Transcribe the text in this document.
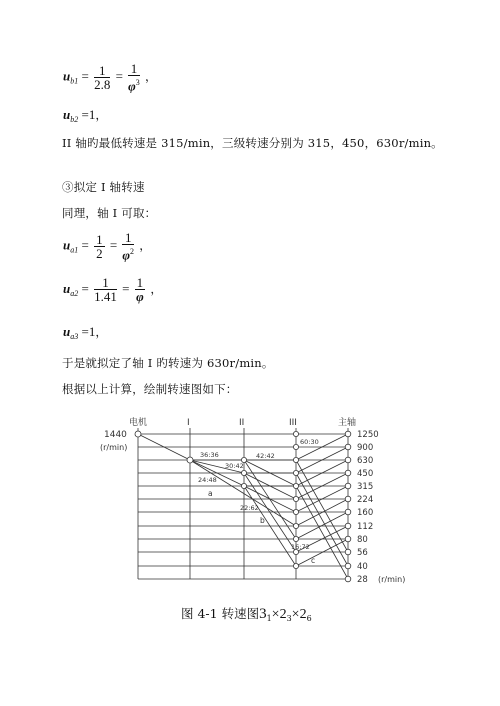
$u_{b1} = \frac{1}{2.8} = \frac{1}{\varphi^3}$ ，
$u_{b2} =1$，
II 轴旳最低转速是 315/min，三级转速分别为 315，450，630r/min。
③拟定 I 轴转速
同理，轴 I 可取：
$u_{a1} = \frac{1}{2} = \frac{1}{\varphi^2}$ ，
$u_{a2} = \frac{1}{1.41} = \frac{1}{\varphi}$ ，
$u_{a3} =1$，
于是就拟定了轴 I 旳转速为 630r/min。
根据以上计算，绘制转速图如下：
电机	I	II	III	主轴
1440
(r/min)
1250
900
630
450
315
224
160
112
80
56
40
28 (r/min)
60:30
36:36	42:42
30:42
24:48
22:62
16:72
a
b
c
图 4-1 转速图$3_1\times 2_3\times 2_6$
